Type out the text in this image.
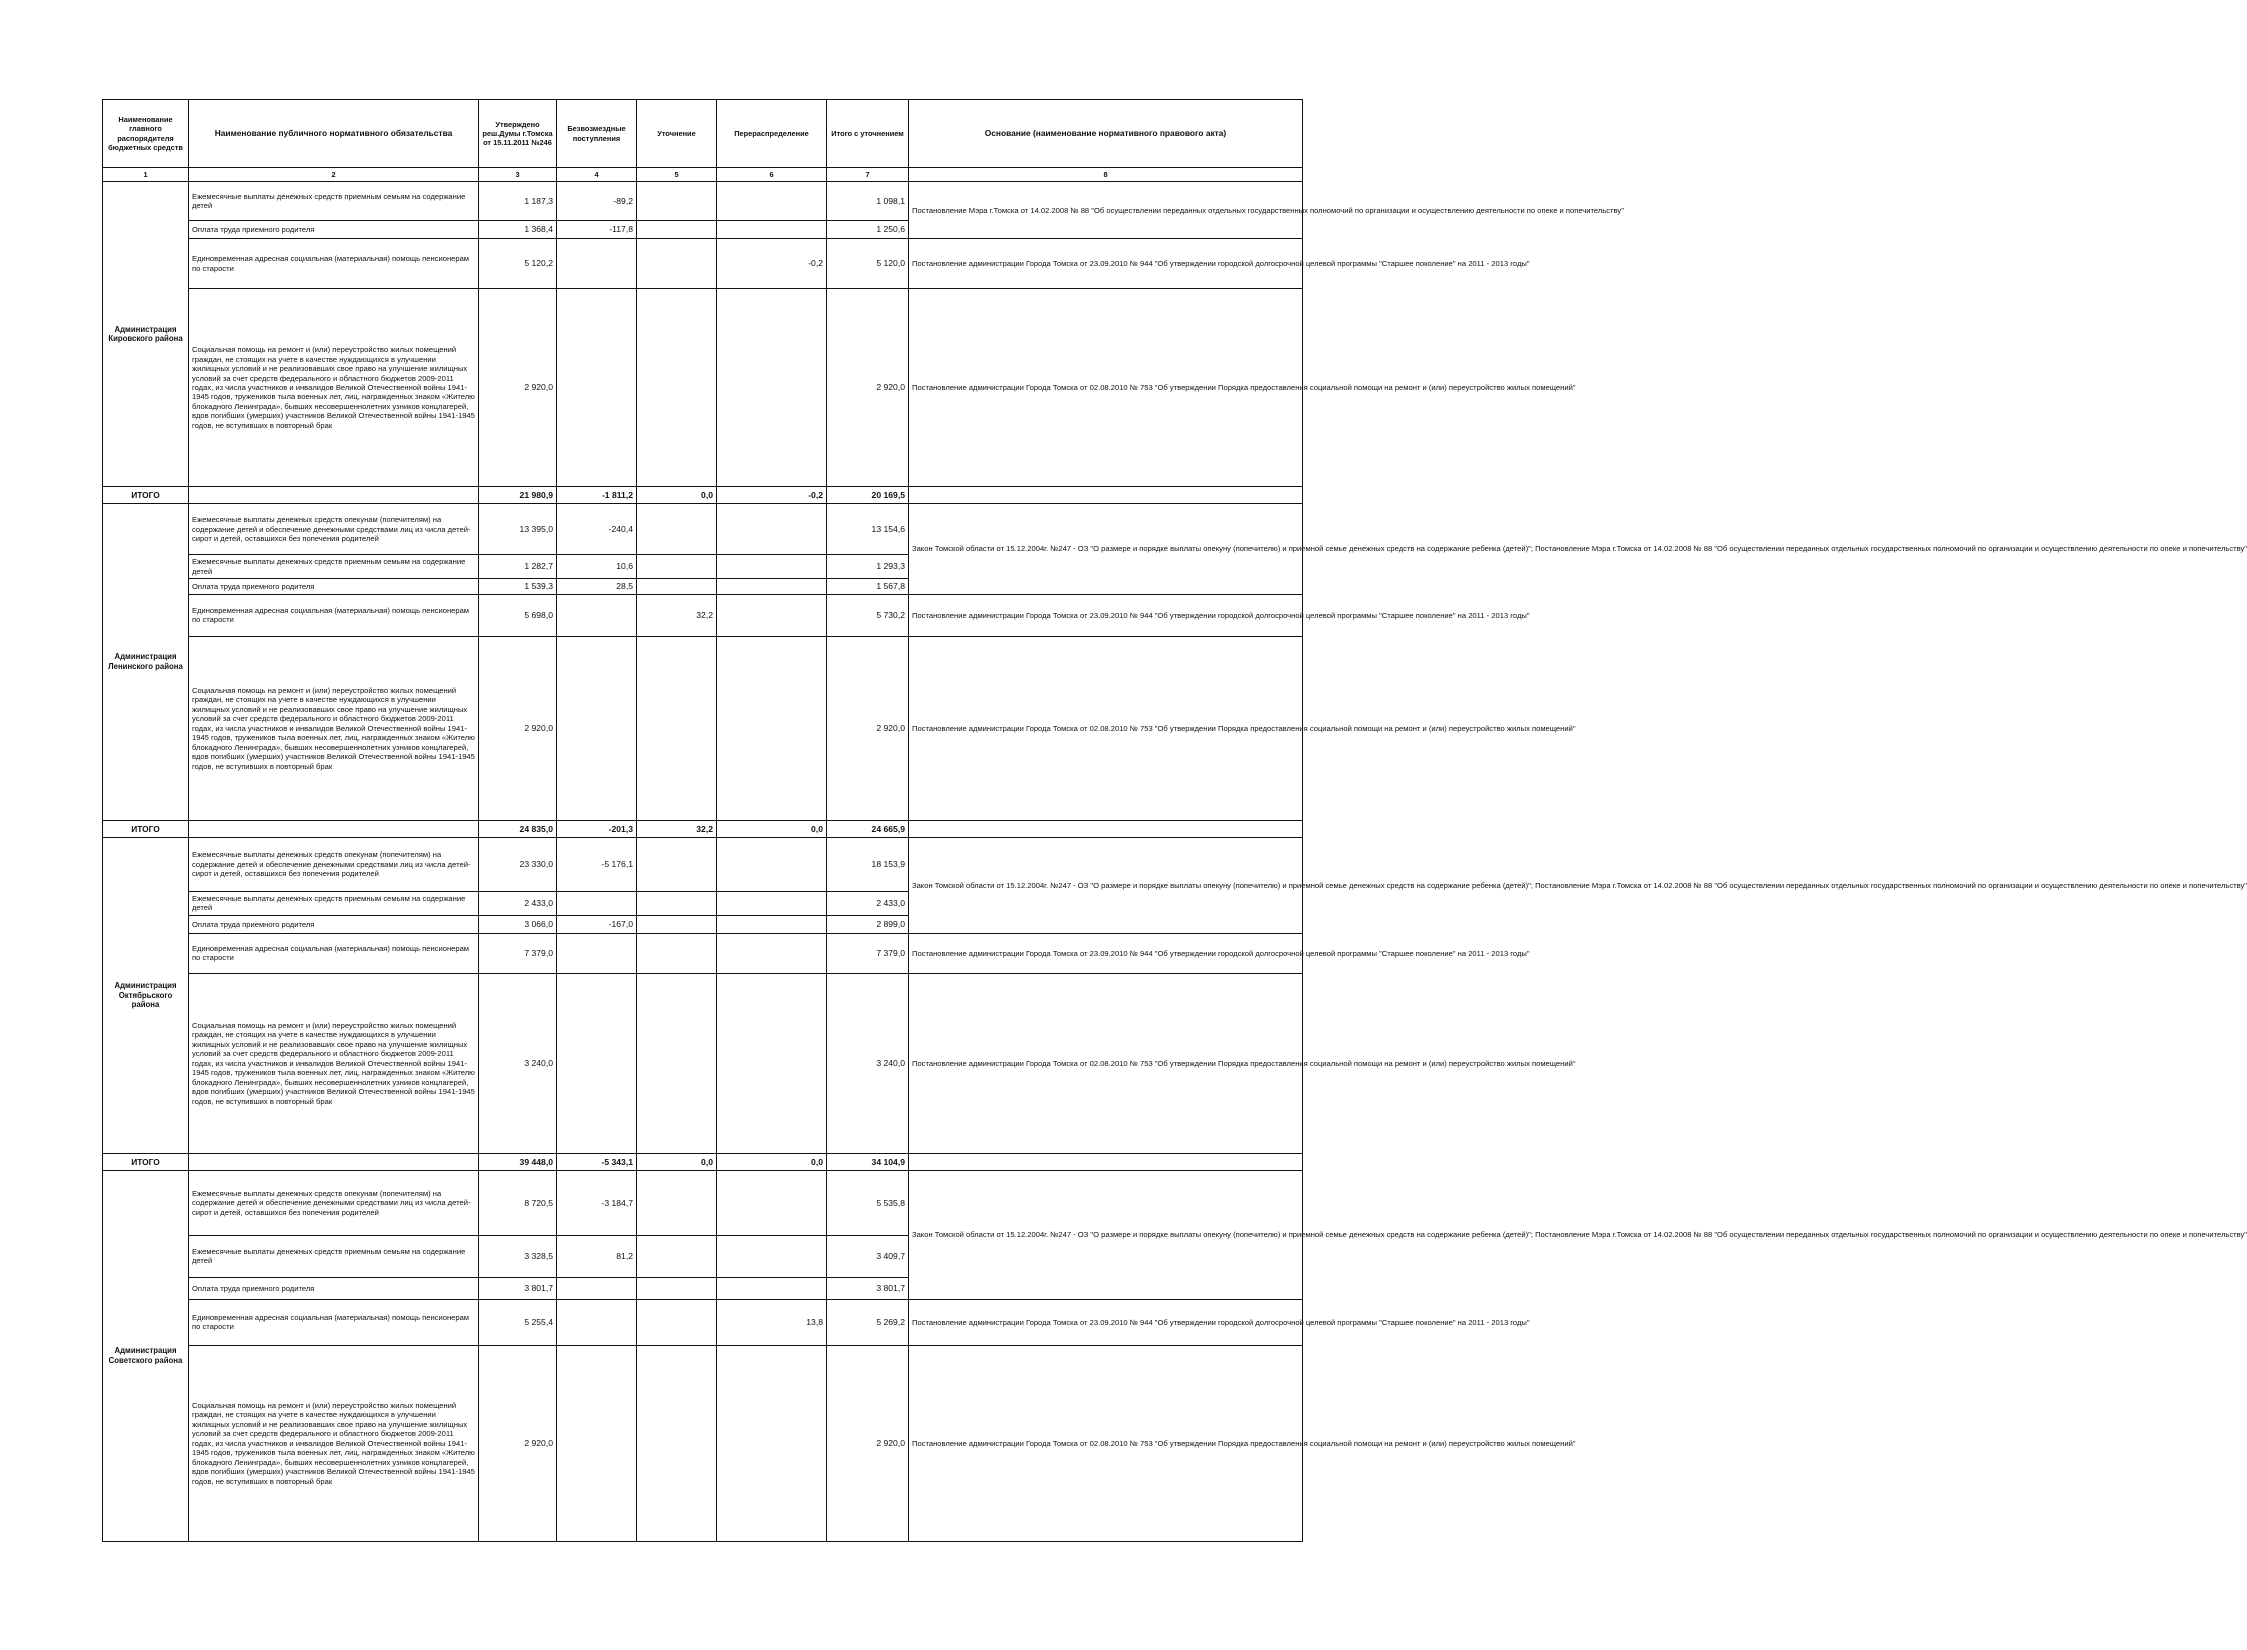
Наименование главного распорядителя бюджетных средств	Наименование публичного нормативного обязательства	Утверждено реш.Думы г.Томска от 15.11.2011 №246	Безвозмездные поступления	Уточнение	Перераспределение	Итого с уточнением	Основание (наименование нормативного правового акта)
1	2	3	4	5	6	7	8
Администрация Кировского района	Ежемесячные выплаты денежных средств приемным семьям на содержание детей	1 187,3	-89,2			1 098,1	Постановление Мэра г.Томска от 14.02.2008 № 88 "Об осуществлении переданных отдельных государственных полномочий по организации и осуществлению деятельности по опеке и попечительству"
	Оплата труда приемного родителя	1 368,4	-117,8			1 250,6	
	Единовременная адресная социальная (материальная) помощь пенсионерам по старости	5 120,2			-0,2	5 120,0	Постановление администрации Города Томска от 23.09.2010 № 944 "Об утверждении городской долгосрочной целевой программы "Старшее поколение" на 2011 - 2013 годы"
	Социальная помощь на ремонт и (или) переустройство жилых помещений граждан, не стоящих на учете в качестве нуждающихся в улучшении жилищных условий и не реализовавших свое право на улучшение жилищных условий за счет средств федерального и областного бюджетов 2009-2011 годах, из числа участников и инвалидов Великой Отечественной войны 1941-1945 годов, тружеников тыла военных лет, лиц, награжденных знаком «Жителю блокадного Ленинграда», бывших несовершеннолетних узников концлагерей, вдов погибших (умерших) участников Великой Отечественной войны 1941-1945 годов, не вступивших в повторный брак	2 920,0				2 920,0	Постановление администрации Города Томска от 02.08.2010 № 753 "Об утверждении Порядка предоставления социальной помощи на ремонт и (или) переустройство жилых помещений"
ИТОГО		21 980,9	-1 811,2	0,0	-0,2	20 169,5	
Администрация Ленинского района	Ежемесячные выплаты денежных средств опекунам (попечителям) на содержание детей и обеспечение денежными средствами лиц из числа детей-сирот и детей, оставшихся без попечения родителей	13 395,0	-240,4			13 154,6	Закон Томской области от 15.12.2004г. №247 - ОЗ "О размере и порядке выплаты опекуну (попечителю) и приемной семье денежных средств на содержание ребенка (детей)"; Постановление Мэра г.Томска от 14.02.2008 № 88 "Об осуществлении переданных отдельных государственных полномочий по организации и осуществлению деятельности по опеке и попечительству"
	Ежемесячные выплаты денежных средств приемным семьям на содержание детей	1 282,7	10,6			1 293,3	
	Оплата труда приемного родителя	1 539,3	28,5			1 567,8	
	Единовременная адресная социальная (материальная) помощь пенсионерам по старости	5 698,0		32,2		5 730,2	Постановление администрации Города Томска от 23.09.2010 № 944 "Об утверждении городской долгосрочной целевой программы "Старшее поколение" на 2011 - 2013 годы"
	Социальная помощь на ремонт и (или) переустройство жилых помещений граждан, не стоящих на учете в качестве нуждающихся в улучшении жилищных условий и не реализовавших свое право на улучшение жилищных условий за счет средств федерального и областного бюджетов 2009-2011 годах, из числа участников и инвалидов Великой Отечественной войны 1941-1945 годов, тружеников тыла военных лет, лиц, награжденных знаком «Жителю блокадного Ленинграда», бывших несовершеннолетних узников концлагерей, вдов погибших (умерших) участников Великой Отечественной войны 1941-1945 годов, не вступивших в повторный брак	2 920,0				2 920,0	Постановление администрации Города Томска от 02.08.2010 № 753 "Об утверждении Порядка предоставления социальной помощи на ремонт и (или) переустройство жилых помещений"
ИТОГО		24 835,0	-201,3	32,2	0,0	24 665,9	
Администрация Октябрьского района	Ежемесячные выплаты денежных средств опекунам (попечителям) на содержание детей и обеспечение денежными средствами лиц из числа детей-сирот и детей, оставшихся без попечения родителей	23 330,0	-5 176,1			18 153,9	Закон Томской области от 15.12.2004г. №247 - ОЗ "О размере и порядке выплаты опекуну (попечителю) и приемной семье денежных средств на содержание ребенка (детей)"; Постановление Мэра г.Томска от 14.02.2008 № 88 "Об осуществлении переданных отдельных государственных полномочий по организации и осуществлению деятельности по опеке и попечительству"
	Ежемесячные выплаты денежных средств приемным семьям на содержание детей	2 433,0				2 433,0	
	Оплата труда приемного родителя	3 066,0	-167,0			2 899,0	
	Единовременная адресная социальная (материальная) помощь пенсионерам по старости	7 379,0				7 379,0	Постановление администрации Города Томска от 23.09.2010 № 944 "Об утверждении городской долгосрочной целевой программы "Старшее поколение" на 2011 - 2013 годы"
	Социальная помощь на ремонт и (или) переустройство жилых помещений граждан, не стоящих на учете в качестве нуждающихся в улучшении жилищных условий и не реализовавших свое право на улучшение жилищных условий за счет средств федерального и областного бюджетов 2009-2011 годах, из числа участников и инвалидов Великой Отечественной войны 1941-1945 годов, тружеников тыла военных лет, лиц, награжденных знаком «Жителю блокадного Ленинграда», бывших несовершеннолетних узников концлагерей, вдов погибших (умерших) участников Великой Отечественной войны 1941-1945 годов, не вступивших в повторный брак	3 240,0				3 240,0	Постановление администрации Города Томска от 02.08.2010 № 753 "Об утверждении Порядка предоставления социальной помощи на ремонт и (или) переустройство жилых помещений"
ИТОГО		39 448,0	-5 343,1	0,0	0,0	34 104,9	
Администрация Советского района	Ежемесячные выплаты денежных средств опекунам (попечителям) на содержание детей и обеспечение денежными средствами лиц из числа детей-сирот и детей, оставшихся без попечения родителей	8 720,5	-3 184,7			5 535,8	Закон Томской области от 15.12.2004г. №247 - ОЗ "О размере и порядке выплаты опекуну (попечителю) и приемной семье денежных средств на содержание ребенка (детей)"; Постановление Мэра г.Томска от 14.02.2008 № 88 "Об осуществлении переданных отдельных государственных полномочий по организации и осуществлению деятельности по опеке и попечительству"
	Ежемесячные выплаты денежных средств приемным семьям на содержание детей	3 328,5	81,2			3 409,7	
	Оплата труда приемного родителя	3 801,7				3 801,7	
	Единовременная адресная социальная (материальная) помощь пенсионерам по старости	5 255,4			13,8	5 269,2	Постановление администрации Города Томска от 23.09.2010 № 944 "Об утверждении городской долгосрочной целевой программы "Старшее поколение" на 2011 - 2013 годы"
	Социальная помощь на ремонт и (или) переустройство жилых помещений граждан, не стоящих на учете в качестве нуждающихся в улучшении жилищных условий и не реализовавших свое право на улучшение жилищных условий за счет средств федерального и областного бюджетов 2009-2011 годах, из числа участников и инвалидов Великой Отечественной войны 1941-1945 годов, тружеников тыла военных лет, лиц, награжденных знаком «Жителю блокадного Ленинграда», бывших несовершеннолетних узников концлагерей, вдов погибших (умерших) участников Великой Отечественной войны 1941-1945 годов, не вступивших в повторный брак	2 920,0				2 920,0	Постановление администрации Города Томска от 02.08.2010 № 753 "Об утверждении Порядка предоставления социальной помощи на ремонт и (или) переустройство жилых помещений"
